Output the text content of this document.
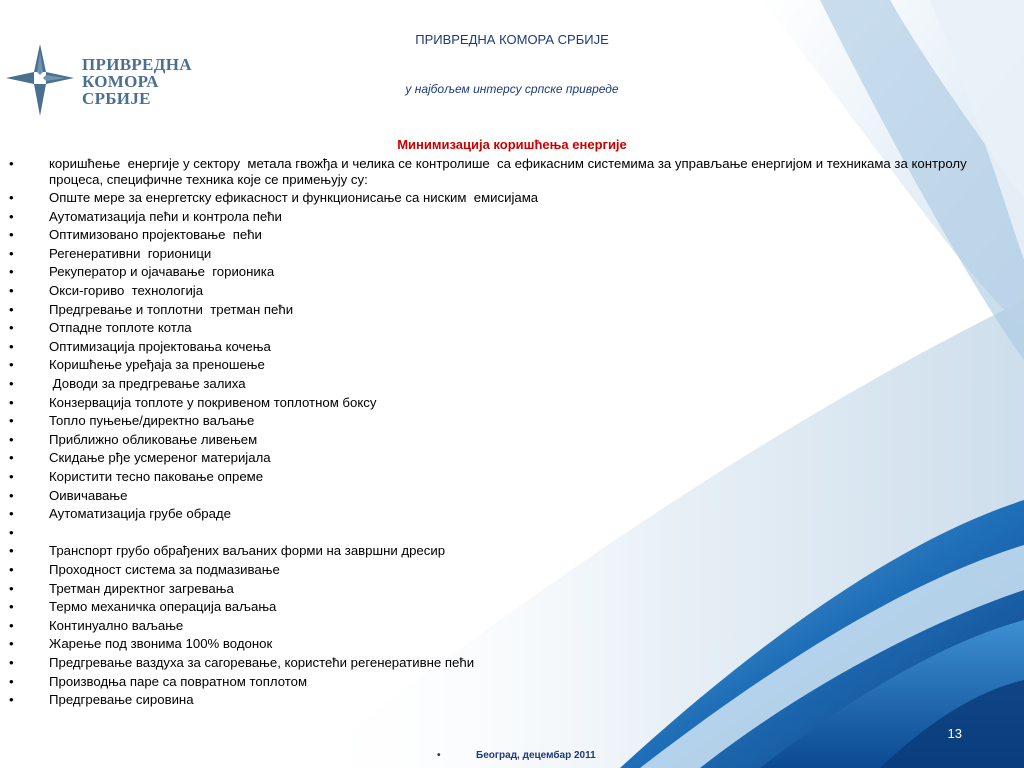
ПРИВРЕДНА
КОМОРА
СРБИЈЕ
ПРИВРЕДНА КОМОРА СРБИЈЕ
у најбољем интерсу српске привреде
Минимизација коришћења енергије
•	коришћење  енергије у сектору  метала гвожђа и челика се контролише  са ефикасним системима за управљање енергијом и техникама за контролу процеса, специфичне техника које се примењују су:
•	Опште мере за енергетску ефикасност и функционисање са ниским  емисијама
•	Аутоматизација пећи и контрола пећи
•	Оптимизовано пројектовање  пећи
•	Регенеративни  горионици
•	Рекуператор и ојачавање  горионика
•	Окси-гориво  технологија
•	Предгревање и топлотни  третман пећи
•	Отпадне топлоте котла
•	Оптимизација пројектовања кочења
•	Коришћење уређаја за преношење
•	Доводи за предгревање залиха
•	Конзервација топлоте у покривеном топлотном боксу
•	Топло пуњење/директно ваљање
•	Приближно обликовање ливењем
•	Скидање рђе усмереног материјала
•	Користити тесно паковање опреме
•	Оивичавање
•	Аутоматизација грубе обраде
•
•	Транспорт грубо обрађених ваљаних форми на завршни дресир
•	Проходност система за подмазивање
•	Третман директног загревања
•	Термо механичка операција ваљања
•	Континуално ваљање
•	Жарење под звонима 100% водонок
•	Предгревање ваздуха за сагоревање, користећи регенеративне пећи
•	Производња паре са повратном топлотом
•	Предгревање сировина
13
•	Београд, децембар 2011
